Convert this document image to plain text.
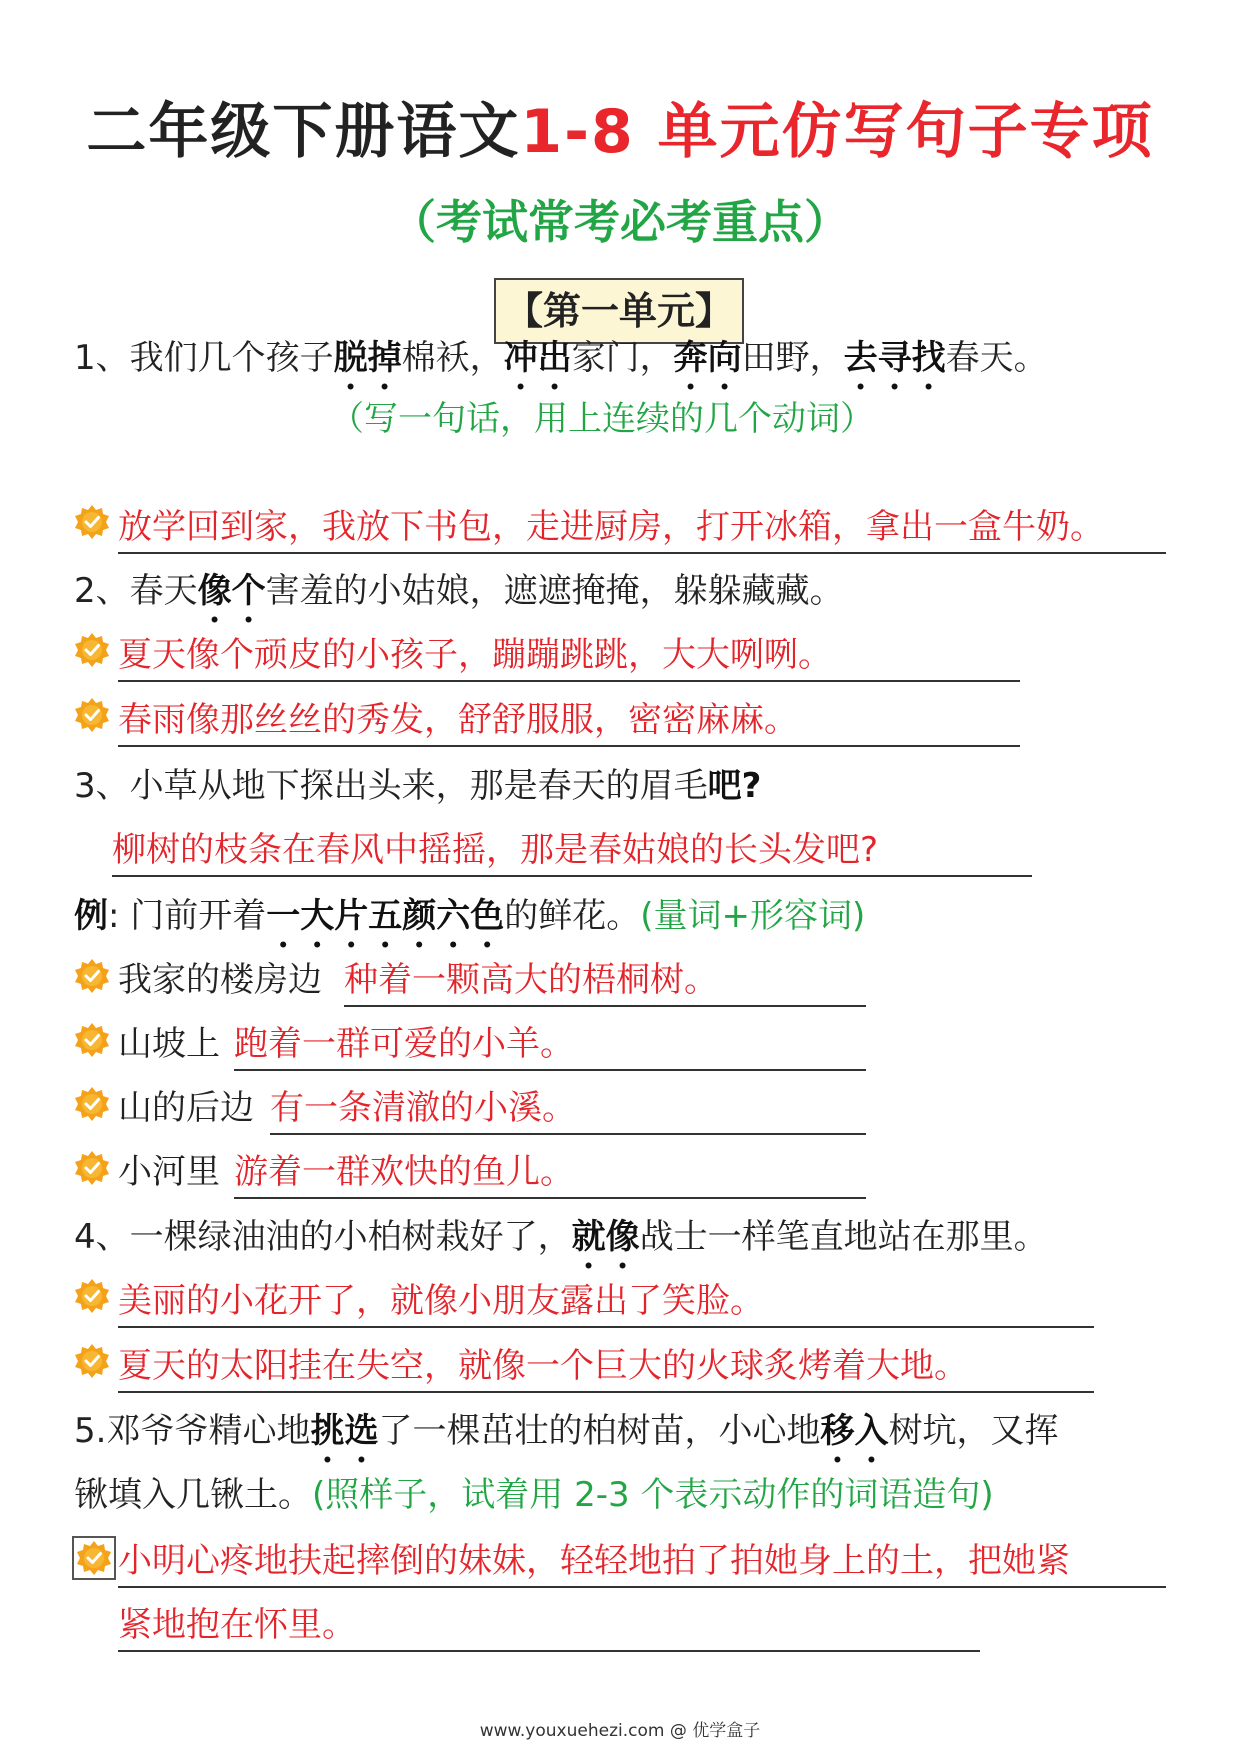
二年级下册语文1-8 单元仿写句子专项
（考试常考必考重点）
【第一单元】
1、我们几个孩子脱掉棉袄，冲出家门，奔向田野，去寻找春天。
（写一句话，用上连续的几个动词）
放学回到家，我放下书包，走进厨房，打开冰箱，拿出一盒牛奶。
2、春天像个害羞的小姑娘，遮遮掩掩，躲躲藏藏。
夏天像个顽皮的小孩子，蹦蹦跳跳，大大咧咧。
春雨像那丝丝的秀发，舒舒服服，密密麻麻。
3、小草从地下探出头来，那是春天的眉毛吧?
柳树的枝条在春风中摇摇，那是春姑娘的长头发吧?
例: 门前开着一大片五颜六色的鲜花。(量词+形容词)
我家的楼房边 种着一颗高大的梧桐树。
山坡上 跑着一群可爱的小羊。
山的后边 有一条清澈的小溪。
小河里 游着一群欢快的鱼儿。
4、一棵绿油油的小柏树栽好了，就像战士一样笔直地站在那里。
美丽的小花开了，就像小朋友露出了笑脸。
夏天的太阳挂在失空，就像一个巨大的火球炙烤着大地。
5.邓爷爷精心地挑选了一棵茁壮的柏树苗，小心地移入树坑，又挥
锹填入几锹土。(照样子，试着用 2-3 个表示动作的词语造句)
小明心疼地扶起摔倒的妹妹，轻轻地拍了拍她身上的土，把她紧
紧地抱在怀里。
www.youxuehezi.com @ 优学盒子
